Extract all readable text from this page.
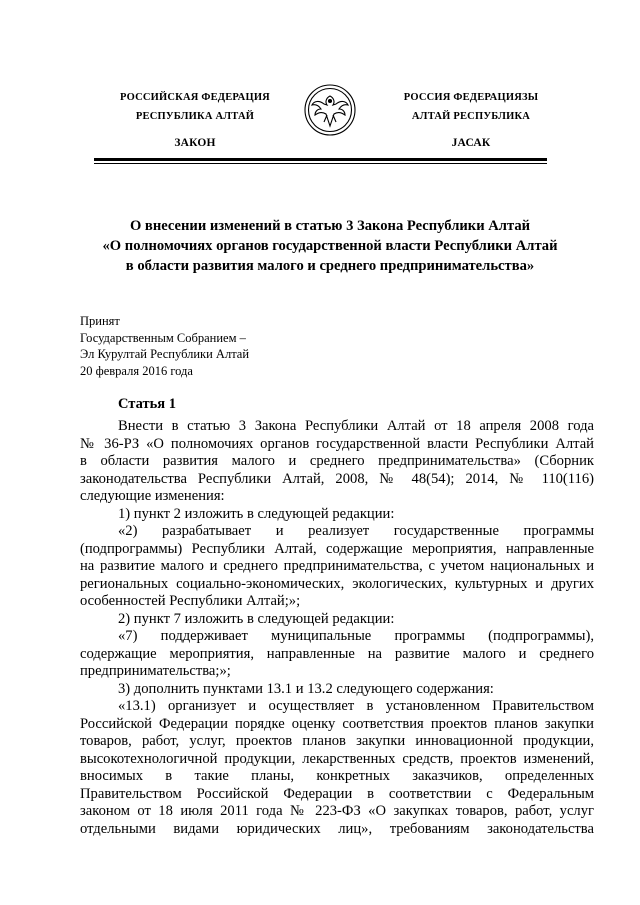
РОССИЙСКАЯ ФЕДЕРАЦИЯ
РЕСПУБЛИКА АЛТАЙ
ЗАКОН
РОССИЯ ФЕДЕРАЦИЯЗЫ
АЛТАЙ РЕСПУБЛИКА
JАСАК
О внесении изменений в статью 3 Закона Республики Алтай
«О полномочиях органов государственной власти Республики Алтай
в области развития малого и среднего предпринимательства»
Принят
Государственным Собранием –
Эл Курултай Республики Алтай
20 февраля 2016 года
Статья 1
Внести в статью 3 Закона Республики Алтай от 18 апреля 2008 года
№ 36-РЗ «О полномочиях органов государственной власти Республики Алтай
в области развития малого и среднего предпринимательства» (Сборник
законодательства Республики Алтай, 2008, № 48(54); 2014, № 110(116)
следующие изменения:
1) пункт 2 изложить в следующей редакции:
«2) разрабатывает и реализует государственные программы
(подпрограммы) Республики Алтай, содержащие мероприятия, направленные
на развитие малого и среднего предпринимательства, с учетом национальных и
региональных социально-экономических, экологических, культурных и других
особенностей Республики Алтай;»;
2) пункт 7 изложить в следующей редакции:
«7) поддерживает муниципальные программы (подпрограммы),
содержащие мероприятия, направленные на развитие малого и среднего
предпринимательства;»;
3) дополнить пунктами 13.1 и 13.2 следующего содержания:
«13.1) организует и осуществляет в установленном Правительством
Российской Федерации порядке оценку соответствия проектов планов закупки
товаров, работ, услуг, проектов планов закупки инновационной продукции,
высокотехнологичной продукции, лекарственных средств, проектов изменений,
вносимых в такие планы, конкретных заказчиков, определенных
Правительством Российской Федерации в соответствии с Федеральным
законом от 18 июля 2011 года № 223-ФЗ «О закупках товаров, работ, услуг
отдельными видами юридических лиц», требованиям законодательства
